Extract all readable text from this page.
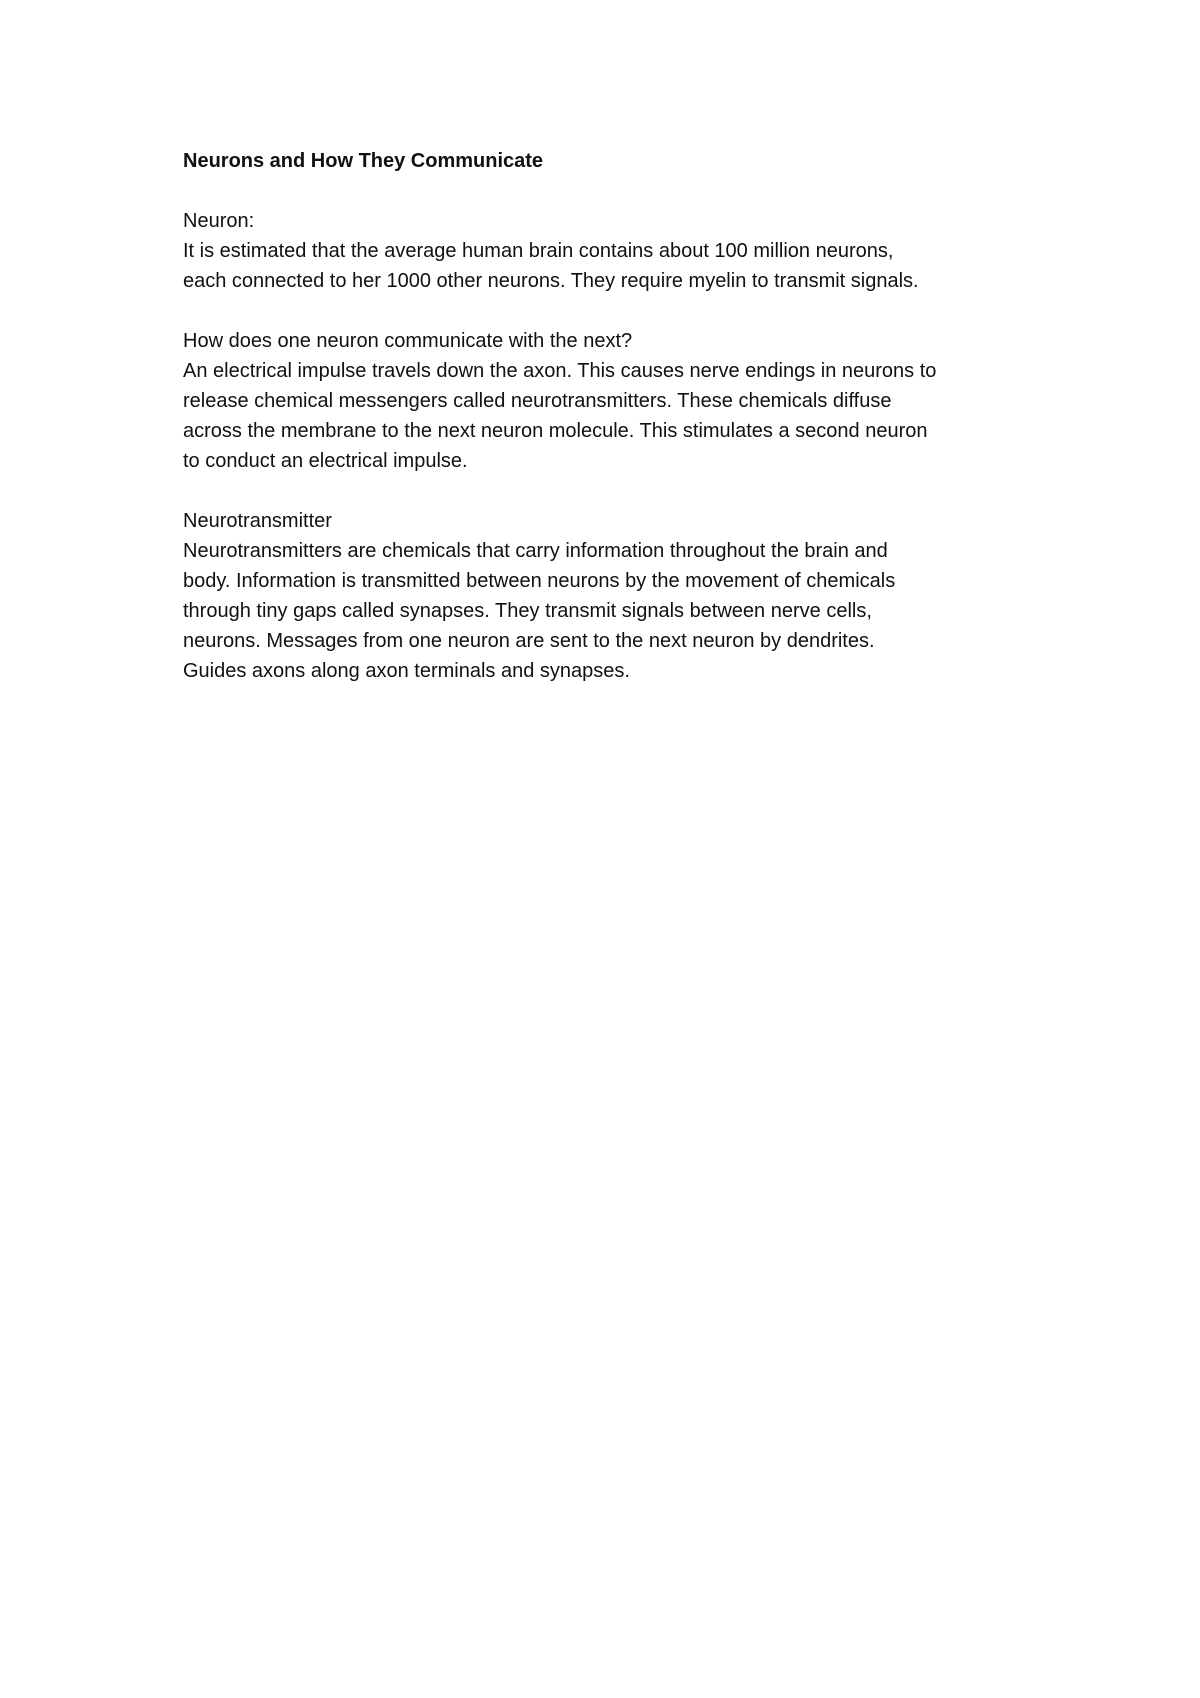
Neurons and How They Communicate
Neuron:
It is estimated that the average human brain contains about 100 million neurons,
each connected to her 1000 other neurons. They require myelin to transmit signals.
How does one neuron communicate with the next?
An electrical impulse travels down the axon. This causes nerve endings in neurons to
release chemical messengers called neurotransmitters. These chemicals diffuse
across the membrane to the next neuron molecule. This stimulates a second neuron
to conduct an electrical impulse.
Neurotransmitter
Neurotransmitters are chemicals that carry information throughout the brain and
body. Information is transmitted between neurons by the movement of chemicals
through tiny gaps called synapses. They transmit signals between nerve cells,
neurons. Messages from one neuron are sent to the next neuron by dendrites.
Guides axons along axon terminals and synapses.
